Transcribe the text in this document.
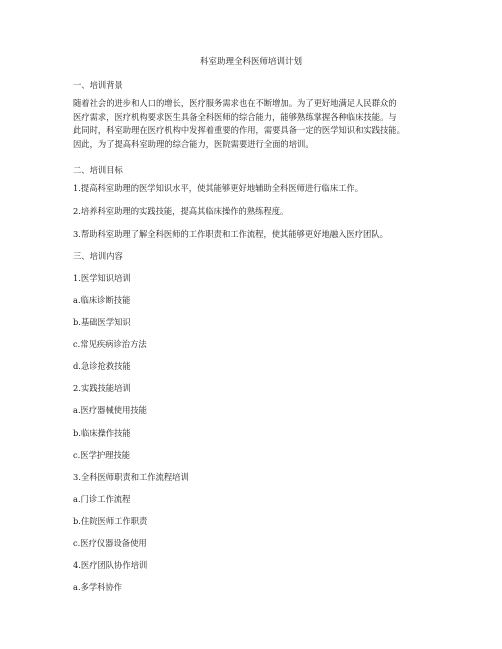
科室助理全科医师培训计划
一、培训背景
随着社会的进步和人口的增长，医疗服务需求也在不断增加。为了更好地满足人民群众的
医疗需求，医疗机构要求医生具备全科医师的综合能力，能够熟练掌握各种临床技能。与
此同时，科室助理在医疗机构中发挥着重要的作用，需要具备一定的医学知识和实践技能。
因此，为了提高科室助理的综合能力，医院需要进行全面的培训。
二、培训目标
1.提高科室助理的医学知识水平，使其能够更好地辅助全科医师进行临床工作。
2.培养科室助理的实践技能，提高其临床操作的熟练程度。
3.帮助科室助理了解全科医师的工作职责和工作流程，使其能够更好地融入医疗团队。
三、培训内容
1.医学知识培训
a.临床诊断技能
b.基础医学知识
c.常见疾病诊治方法
d.急诊抢救技能
2.实践技能培训
a.医疗器械使用技能
b.临床操作技能
c.医学护理技能
3.全科医师职责和工作流程培训
a.门诊工作流程
b.住院医师工作职责
c.医疗仪器设备使用
4.医疗团队协作培训
a.多学科协作
